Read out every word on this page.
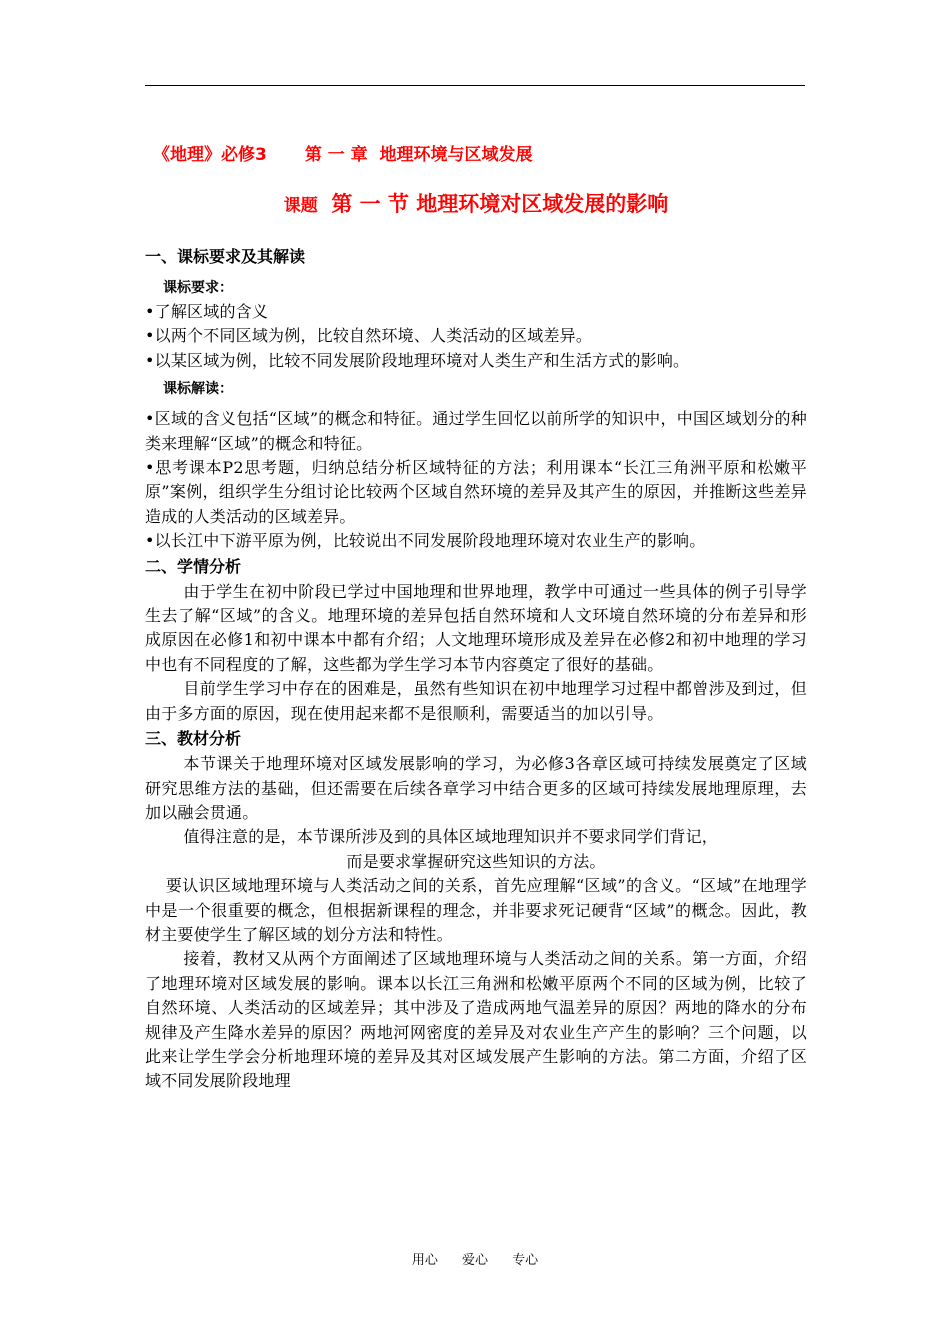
《地理》必修3 第 一 章  地理环境与区域发展
课题 第 一 节 地理环境对区域发展的影响
一、课标要求及其解读
课标要求：

•了解区域的含义

•以两个不同区域为例，比较自然环境、人类活动的区域差异。

•以某区域为例，比较不同发展阶段地理环境对人类生产和生活方式的影响。

课标解读：

•区域的含义包括“区域”的概念和特征。通过学生回忆以前所学的知识中，中国区域划分的种类来理解“区域”的概念和特征。

•思考课本P2思考题，归纳总结分析区域特征的方法；利用课本“长江三角洲平原和松嫩平原”案例，组织学生分组讨论比较两个区域自然环境的差异及其产生的原因，并推断这些差异造成的人类活动的区域差异。

•以长江中下游平原为例，比较说出不同发展阶段地理环境对农业生产的影响。

二、学情分析

由于学生在初中阶段已学过中国地理和世界地理，教学中可通过一些具体的例子引导学生去了解“区域”的含义。地理环境的差异包括自然环境和人文环境自然环境的分布差异和形成原因在必修1和初中课本中都有介绍；人文地理环境形成及差异在必修2和初中地理的学习中也有不同程度的了解，这些都为学生学习本节内容奠定了很好的基础。

目前学生学习中存在的困难是，虽然有些知识在初中地理学习过程中都曾涉及到过，但由于多方面的原因，现在使用起来都不是很顺利，需要适当的加以引导。

三、教材分析

本节课关于地理环境对区域发展影响的学习，为必修3各章区域可持续发展奠定了区域研究思维方法的基础，但还需要在后续各章学习中结合更多的区域可持续发展地理原理，去加以融会贯通。

值得注意的是，本节课所涉及到的具体区域地理知识并不要求同学们背记，

而是要求掌握研究这些知识的方法。

要认识区域地理环境与人类活动之间的关系，首先应理解“区域”的含义。“区域”在地理学中是一个很重要的概念，但根据新课程的理念，并非要求死记硬背“区域”的概念。因此，教材主要使学生了解区域的划分方法和特性。

接着，教材又从两个方面阐述了区域地理环境与人类活动之间的关系。第一方面，介绍了地理环境对区域发展的影响。课本以长江三角洲和松嫩平原两个不同的区域为例，比较了自然环境、人类活动的区域差异；其中涉及了造成两地气温差异的原因？两地的降水的分布规律及产生降水差异的原因？两地河网密度的差异及对农业生产产生的影响？三个问题，以此来让学生学会分析地理环境的差异及其对区域发展产生影响的方法。第二方面，介绍了区域不同发展阶段地理

用心 爱心 专心
